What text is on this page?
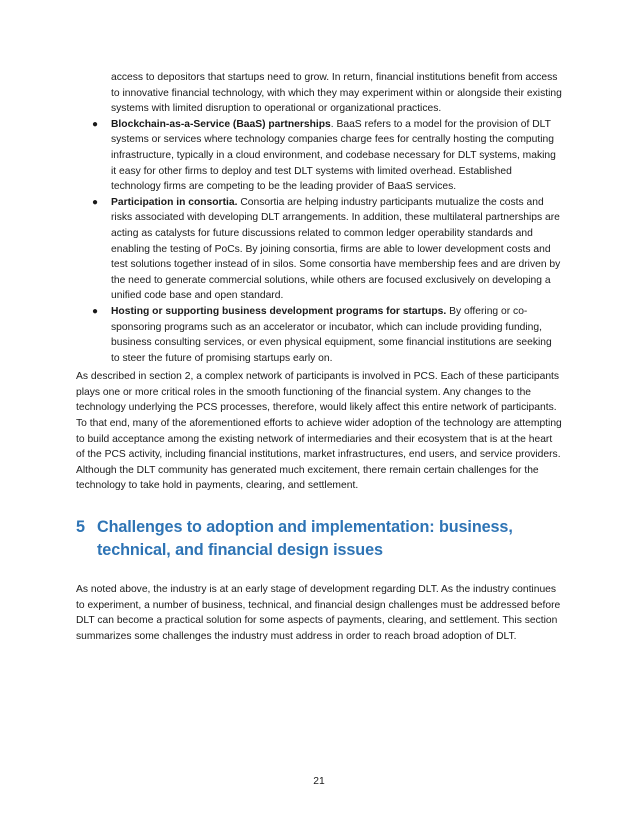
access to depositors that startups need to grow. In return, financial institutions benefit from access to innovative financial technology, with which they may experiment within or alongside their existing systems with limited disruption to operational or organizational practices.

● Blockchain-as-a-Service (BaaS) partnerships. BaaS refers to a model for the provision of DLT systems or services where technology companies charge fees for centrally hosting the computing infrastructure, typically in a cloud environment, and codebase necessary for DLT systems, making it easy for other firms to deploy and test DLT systems with limited overhead. Established technology firms are competing to be the leading provider of BaaS services.
● Participation in consortia. Consortia are helping industry participants mutualize the costs and risks associated with developing DLT arrangements. In addition, these multilateral partnerships are acting as catalysts for future discussions related to common ledger operability standards and enabling the testing of PoCs. By joining consortia, firms are able to lower development costs and test solutions together instead of in silos. Some consortia have membership fees and are driven by the need to generate commercial solutions, while others are focused exclusively on developing a unified code base and open standard.
● Hosting or supporting business development programs for startups. By offering or co-sponsoring programs such as an accelerator or incubator, which can include providing funding, business consulting services, or even physical equipment, some financial institutions are seeking to steer the future of promising startups early on.

As described in section 2, a complex network of participants is involved in PCS. Each of these participants plays one or more critical roles in the smooth functioning of the financial system. Any changes to the technology underlying the PCS processes, therefore, would likely affect this entire network of participants. To that end, many of the aforementioned efforts to achieve wider adoption of the technology are attempting to build acceptance among the existing network of intermediaries and their ecosystem that is at the heart of the PCS activity, including financial institutions, market infrastructures, end users, and service providers. Although the DLT community has generated much excitement, there remain certain challenges for the technology to take hold in payments, clearing, and settlement.

5 Challenges to adoption and implementation: business, technical, and financial design issues

As noted above, the industry is at an early stage of development regarding DLT. As the industry continues to experiment, a number of business, technical, and financial design challenges must be addressed before DLT can become a practical solution for some aspects of payments, clearing, and settlement. This section summarizes some challenges the industry must address in order to reach broad adoption of DLT.

21
